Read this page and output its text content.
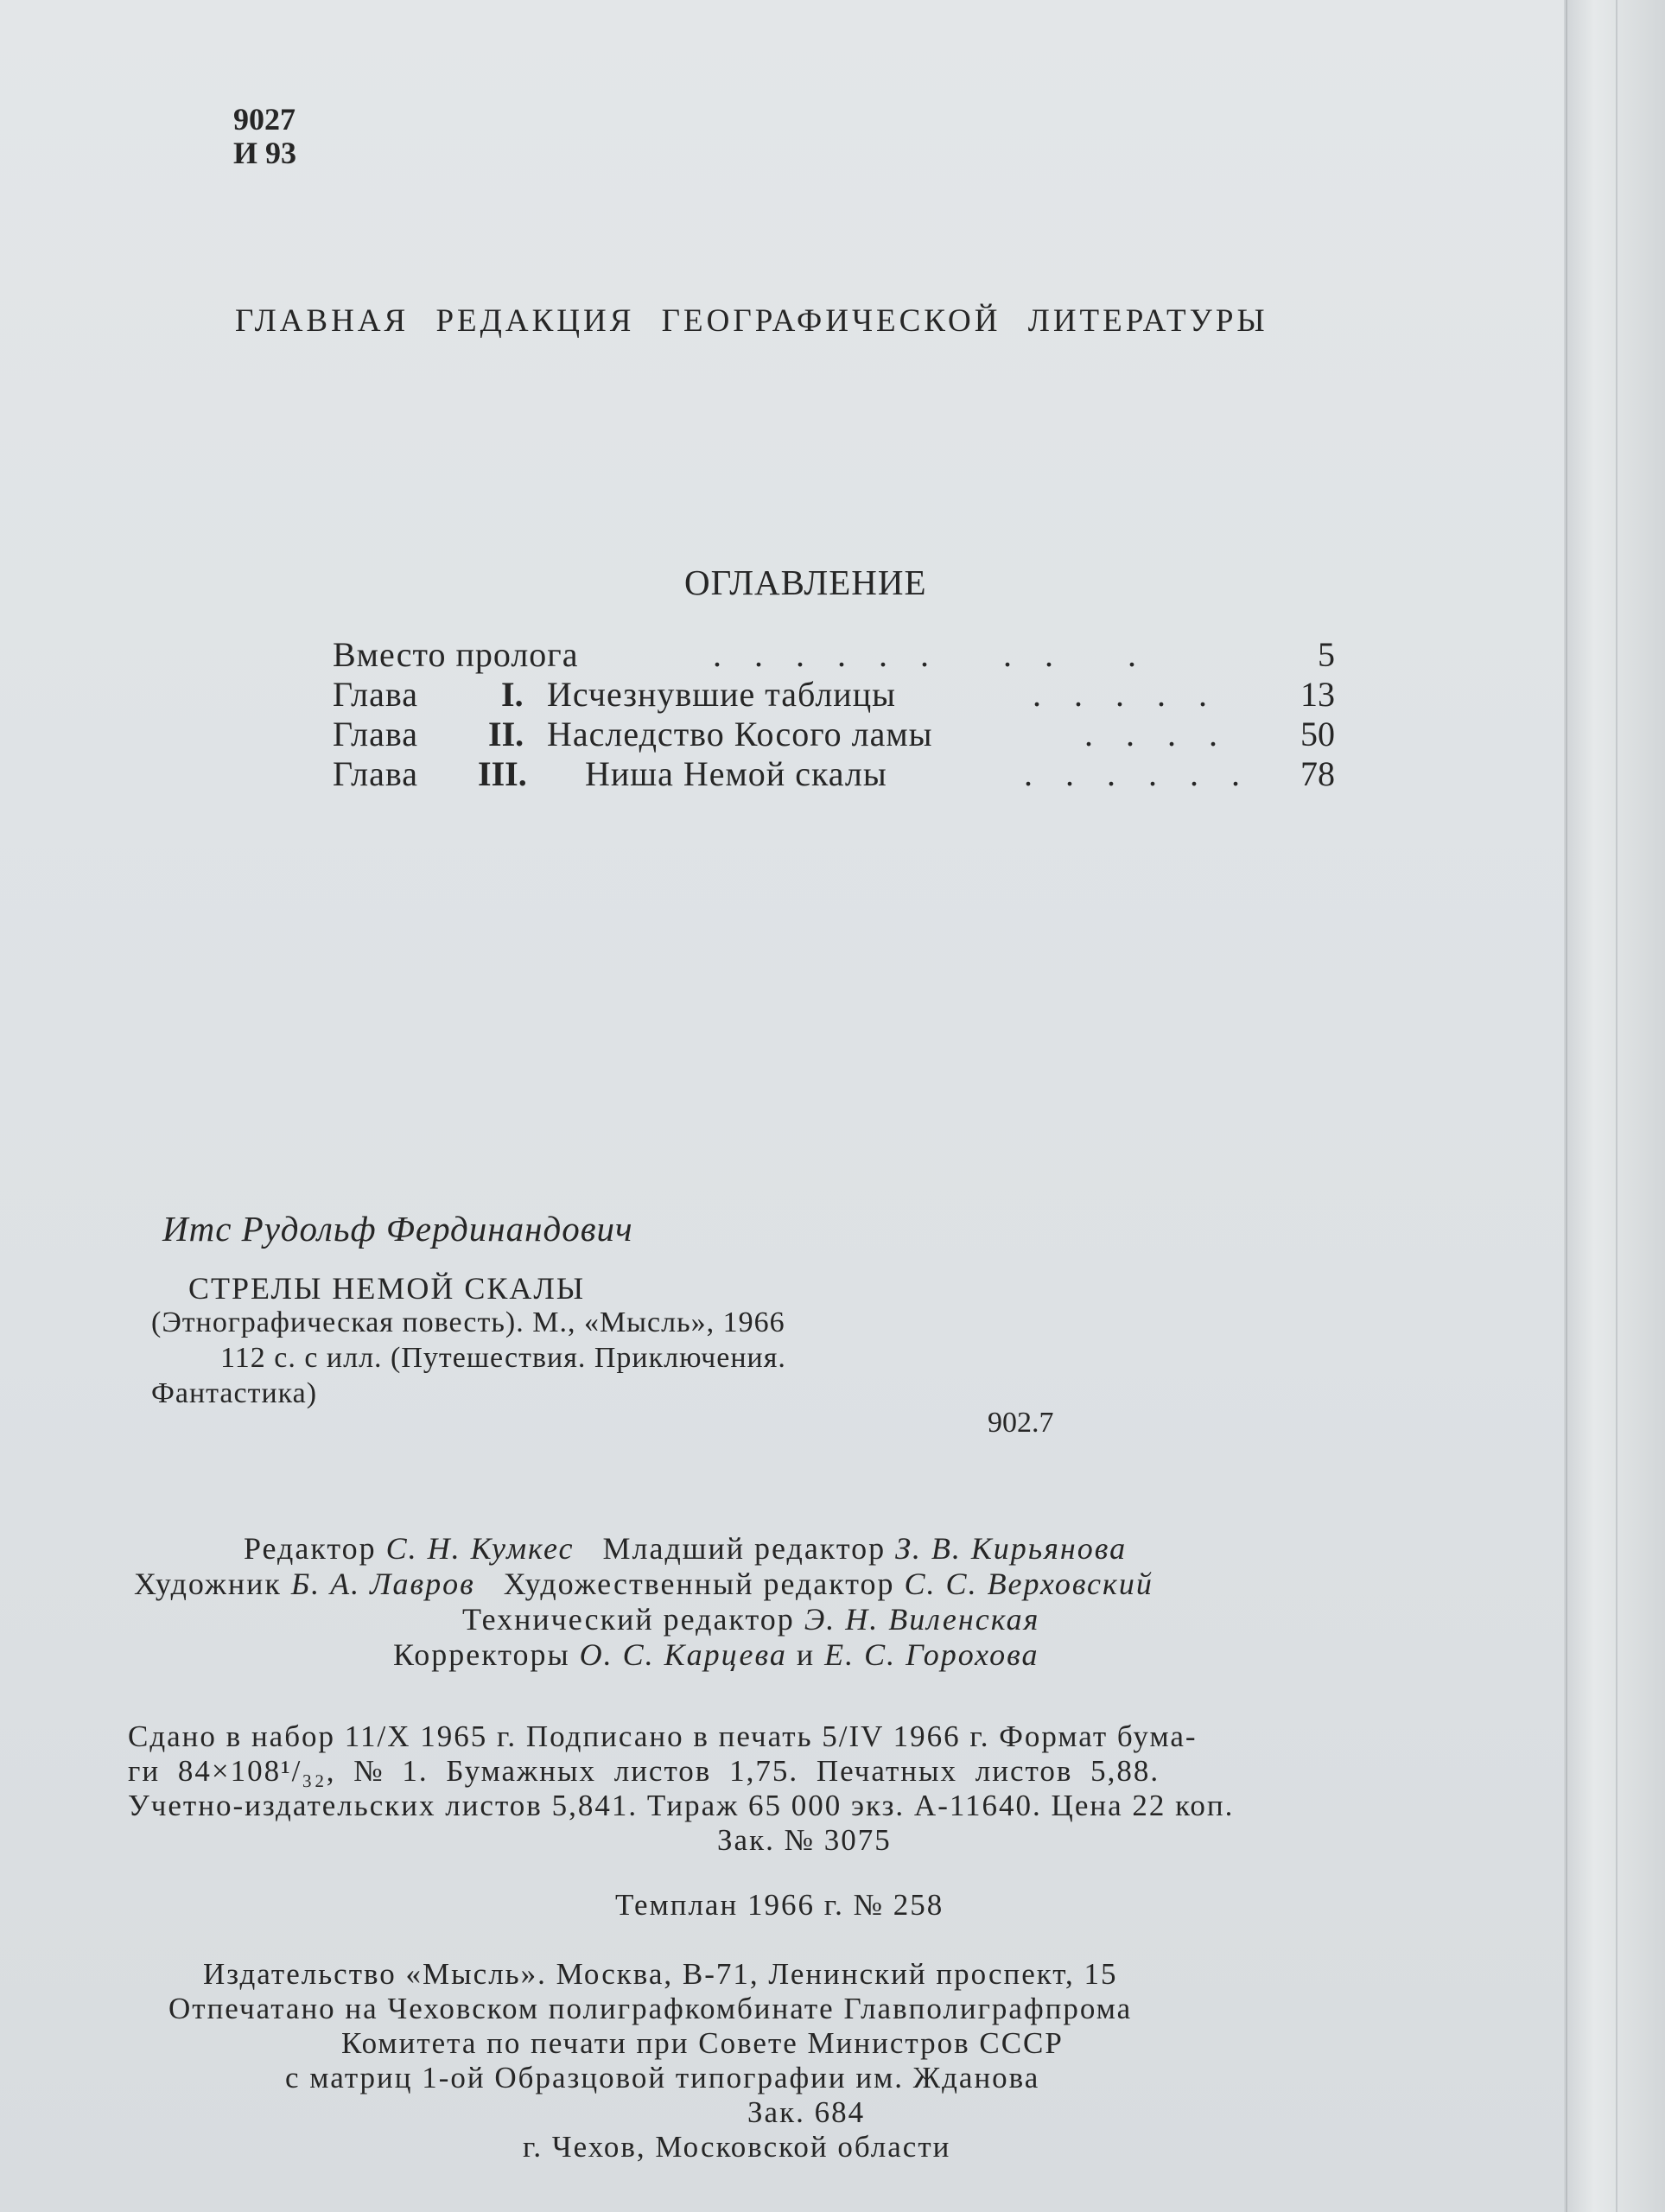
9027
И 93
ГЛАВНАЯ РЕДАКЦИЯ ГЕОГРАФИЧЕСКОЙ ЛИТЕРАТУРЫ
ОГЛАВЛЕНИЕ
Вместо пролога	. . . . . .   . .   .	5
Глава I. Исчезнувшие таблицы	. . . . . 13
Глава II. Наследство Косого ламы	. . . . 50
Глава III. Ниша Немой скалы	. . . . . . 78
Итс Рудольф Фердинандович
СТРЕЛЫ НЕМОЙ СКАЛЫ
(Этнографическая повесть). М., «Мысль», 1966
112 с. с илл. (Путешествия. Приключения.
Фантастика)
902.7
Редактор С. Н. Кумкес Младший редактор З. В. Кирьянова
Художник Б. А. Лавров Художественный редактор С. С. Верховский
Технический редактор Э. Н. Виленская
Корректоры О. С. Карцева и Е. С. Горохова
Сдано в набор 11/X 1965 г. Подписано в печать 5/IV 1966 г. Формат бума-
ги 84×108¹/₃₂, № 1. Бумажных листов 1,75. Печатных листов 5,88.
Учетно-издательских листов 5,841. Тираж 65 000 экз. А-11640. Цена 22 коп.
Зак. № 3075
Темплан 1966 г. № 258
Издательство «Мысль». Москва, В-71, Ленинский проспект, 15
Отпечатано на Чеховском полиграфкомбинате Главполиграфпрома
Комитета по печати при Совете Министров СССР
с матриц 1-ой Образцовой типографии им. Жданова
Зак. 684
г. Чехов, Московской области
